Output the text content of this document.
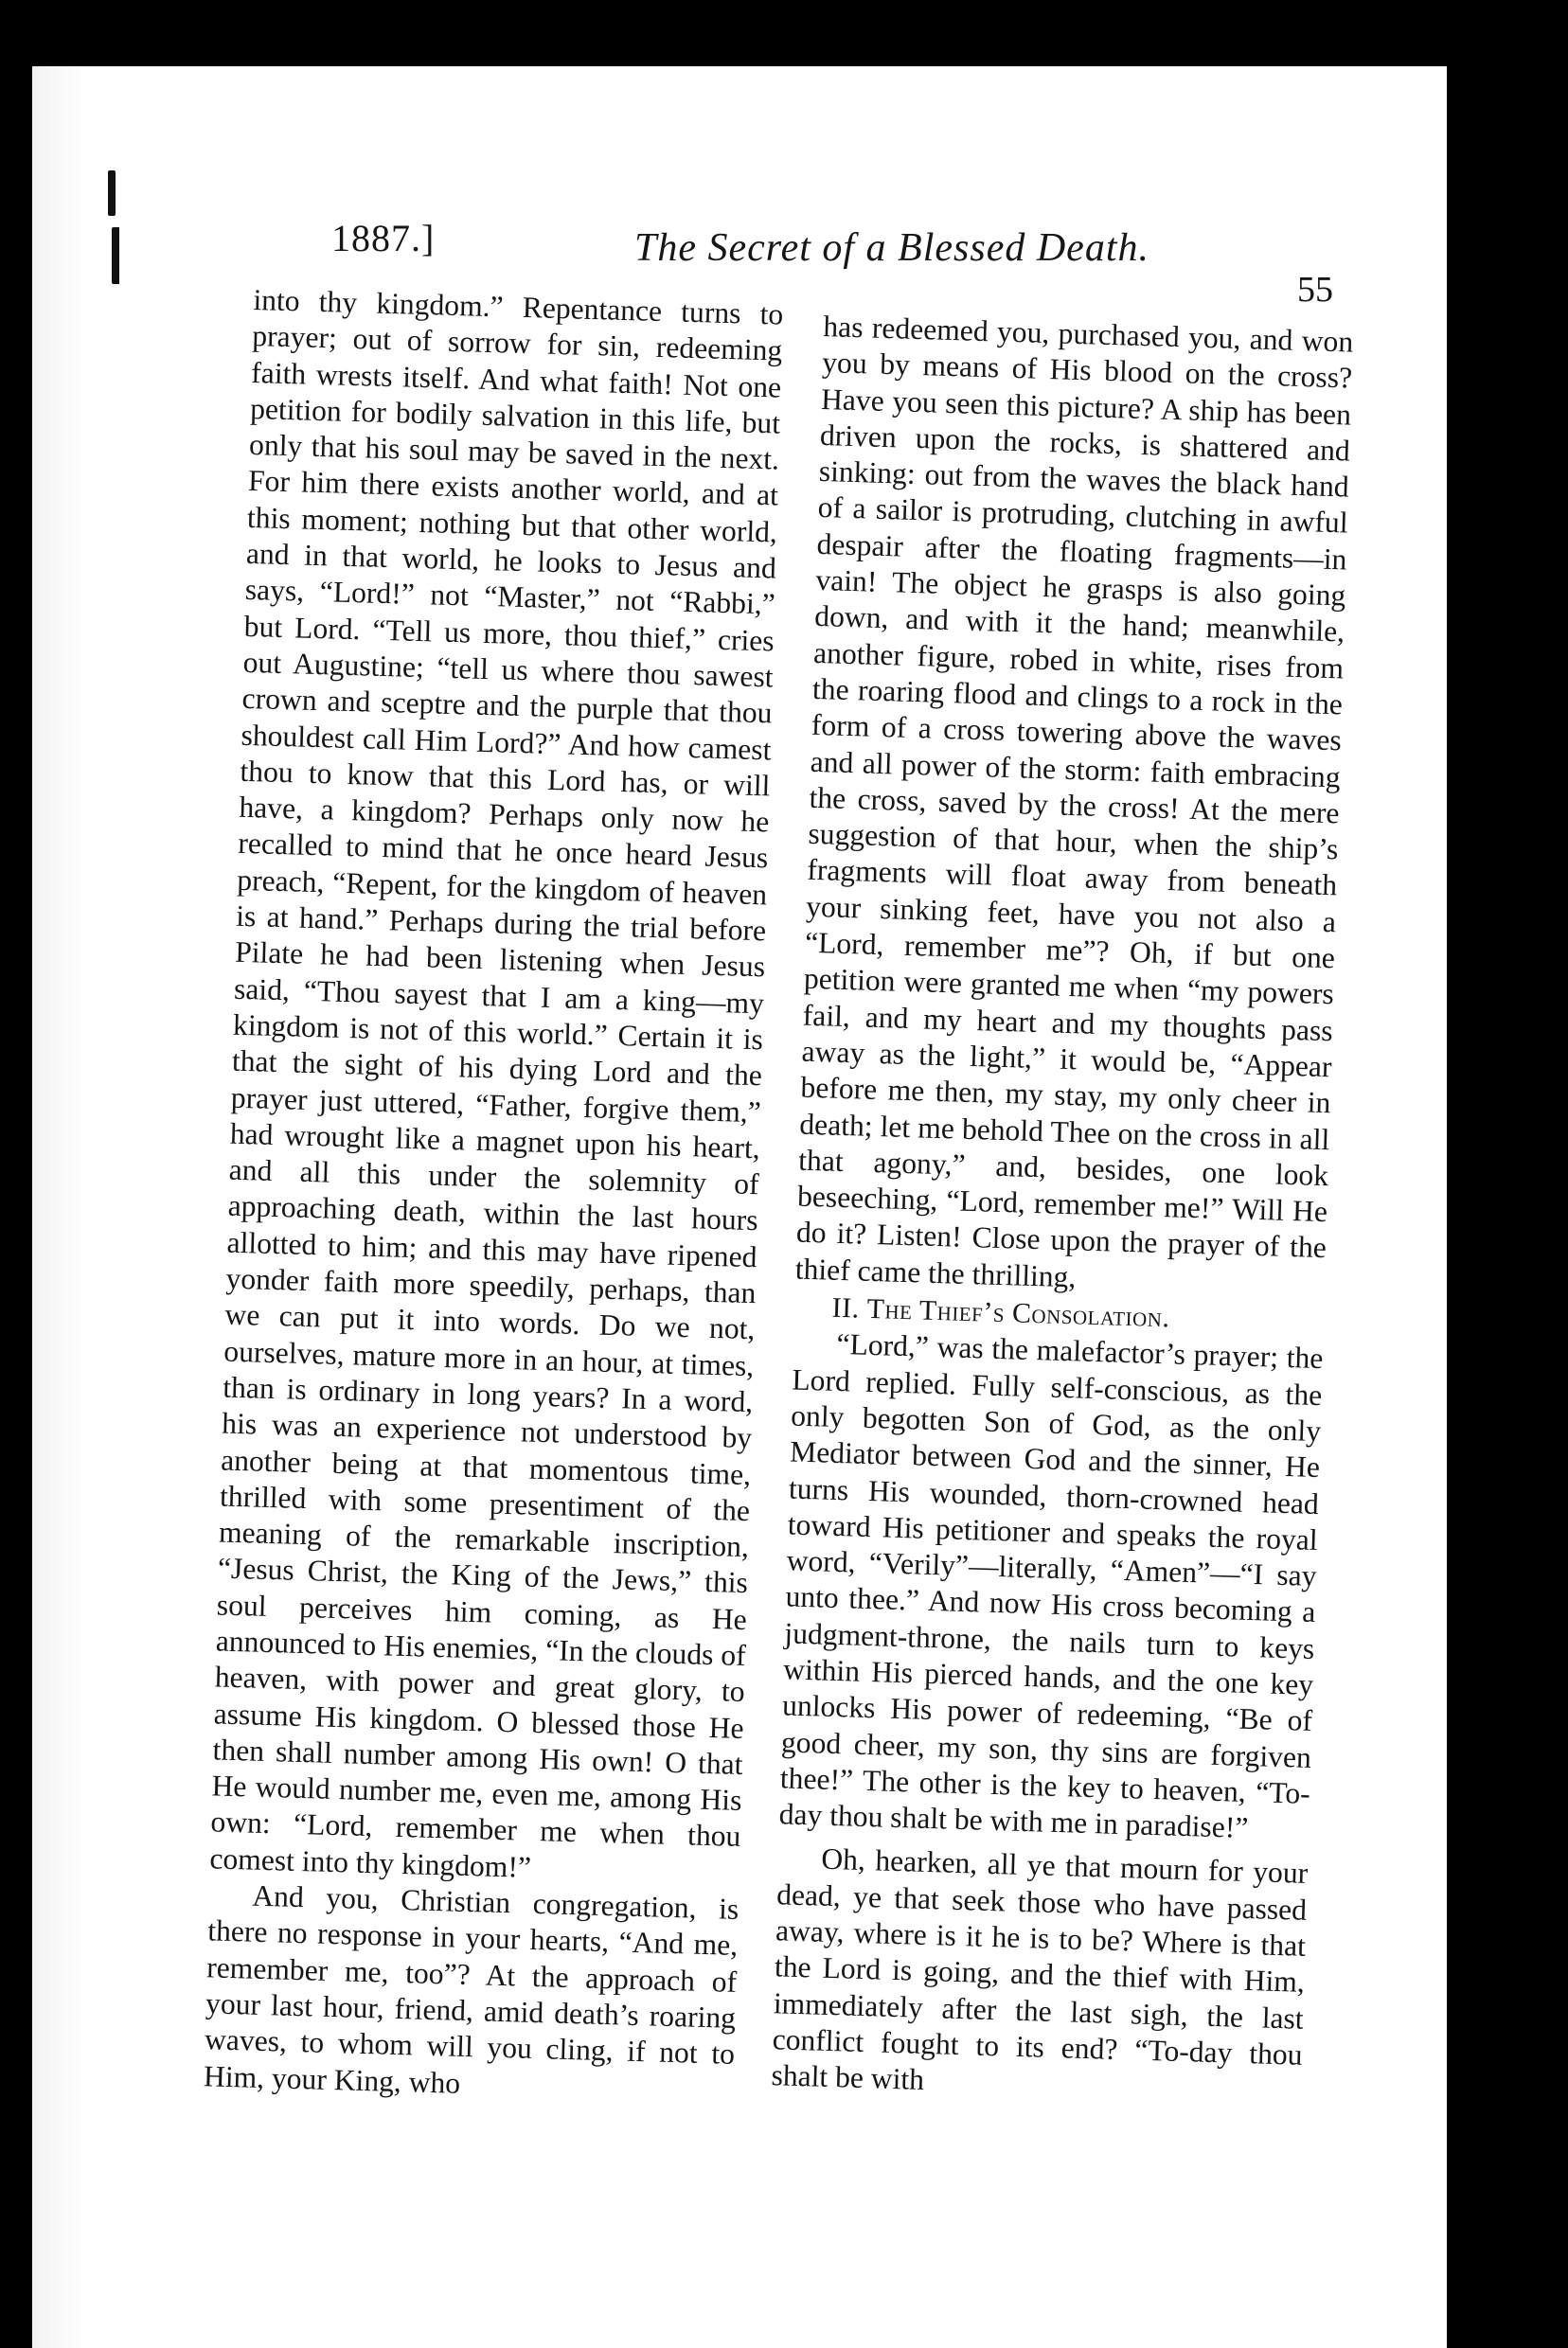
1887.]	The Secret of a Blessed Death.
55

into thy kingdom.” Repentance turns to prayer; out of sorrow for sin, redeeming faith wrests itself. And what faith! Not one petition for bodily salvation in this life, but only that his soul may be saved in the next. For him there exists another world, and at this moment; nothing but that other world, and in that world, he looks to Jesus and says, “Lord!” not “Master,” not “Rabbi,” but Lord. “Tell us more, thou thief,” cries out Augustine; “tell us where thou sawest crown and sceptre and the purple that thou shouldest call Him Lord?” And how camest thou to know that this Lord has, or will have, a kingdom? Perhaps only now he recalled to mind that he once heard Jesus preach, “Repent, for the kingdom of heaven is at hand.” Perhaps during the trial before Pilate he had been listening when Jesus said, “Thou sayest that I am a king—my kingdom is not of this world.” Certain it is that the sight of his dying Lord and the prayer just uttered, “Father, forgive them,” had wrought like a magnet upon his heart, and all this under the solemnity of approaching death, within the last hours allotted to him; and this may have ripened yonder faith more speedily, perhaps, than we can put it into words. Do we not, ourselves, mature more in an hour, at times, than is ordinary in long years? In a word, his was an experience not understood by another being at that momentous time, thrilled with some presentiment of the meaning of the remarkable inscription, “Jesus Christ, the King of the Jews,” this soul perceives him coming, as He announced to His enemies, “In the clouds of heaven, with power and great glory, to assume His kingdom. O blessed those He then shall number among His own! O that He would number me, even me, among His own: “Lord, remember me when thou comest into thy kingdom!”

And you, Christian congregation, is there no response in your hearts, “And me, remember me, too”? At the approach of your last hour, friend, amid death’s roaring waves, to whom will you cling, if not to Him, your King, who

has redeemed you, purchased you, and won you by means of His blood on the cross? Have you seen this picture? A ship has been driven upon the rocks, is shattered and sinking: out from the waves the black hand of a sailor is protruding, clutching in awful despair after the floating fragments—in vain! The object he grasps is also going down, and with it the hand; meanwhile, another figure, robed in white, rises from the roaring flood and clings to a rock in the form of a cross towering above the waves and all power of the storm: faith embracing the cross, saved by the cross! At the mere suggestion of that hour, when the ship’s fragments will float away from beneath your sinking feet, have you not also a “Lord, remember me”? Oh, if but one petition were granted me when “my powers fail, and my heart and my thoughts pass away as the light,” it would be, “Appear before me then, my stay, my only cheer in death; let me behold Thee on the cross in all that agony,” and, besides, one look beseeching, “Lord, remember me!” Will He do it? Listen! Close upon the prayer of the thief came the thrilling,

II. The Thief’s Consolation.

“Lord,” was the malefactor’s prayer; the Lord replied. Fully self-conscious, as the only begotten Son of God, as the only Mediator between God and the sinner, He turns His wounded, thorn-crowned head toward His petitioner and speaks the royal word, “Verily”—literally, “Amen”—“I say unto thee.” And now His cross becoming a judgment-throne, the nails turn to keys within His pierced hands, and the one key unlocks His power of redeeming, “Be of good cheer, my son, thy sins are forgiven thee!” The other is the key to heaven, “To-day thou shalt be with me in paradise!”

Oh, hearken, all ye that mourn for your dead, ye that seek those who have passed away, where is it he is to be? Where is that the Lord is going, and the thief with Him, immediately after the last sigh, the last conflict fought to its end? “To-day thou shalt be with
